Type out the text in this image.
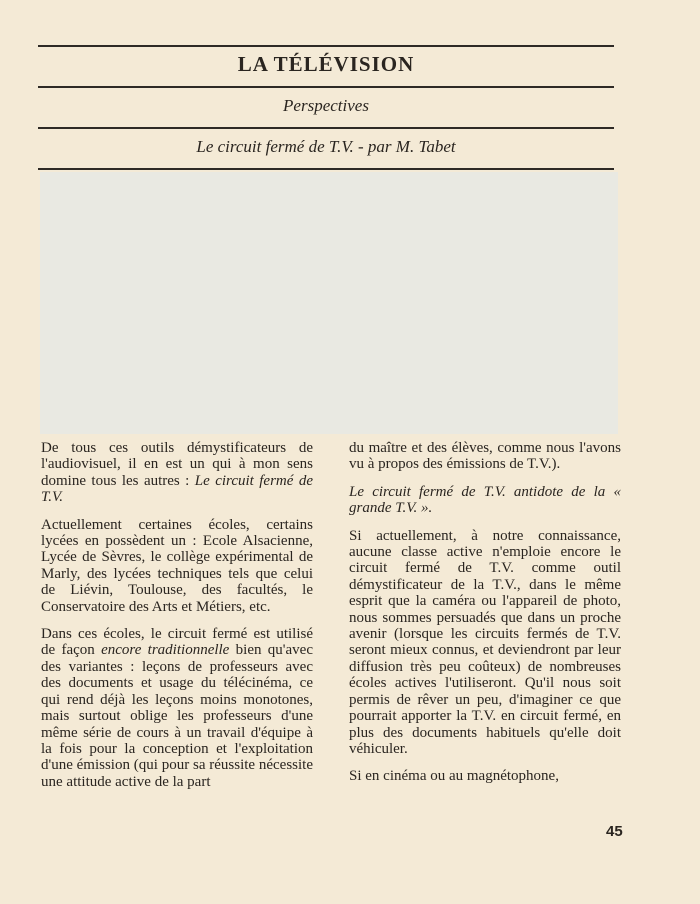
LA TÉLÉVISION
Perspectives
Le circuit fermé de T.V. - par M. Tabet

De tous ces outils démystificateurs de l'audiovisuel, il en est un qui à mon sens domine tous les autres : Le circuit fermé de T.V.

Actuellement certaines écoles, certains lycées en possèdent un : Ecole Alsacienne, Lycée de Sèvres, le collège expérimental de Marly, des lycées techniques tels que celui de Liévin, Toulouse, des facultés, le Conservatoire des Arts et Métiers, etc.

Dans ces écoles, le circuit fermé est utilisé de façon encore traditionnelle bien qu'avec des variantes : leçons de professeurs avec des documents et usage du télécinéma, ce qui rend déjà les leçons moins monotones, mais surtout oblige les professeurs d'une même série de cours à un travail d'équipe à la fois pour la conception et l'exploitation d'une émission (qui pour sa réussite nécessite une attitude active de la part

du maître et des élèves, comme nous l'avons vu à propos des émissions de T.V.).

Le circuit fermé de T.V. antidote de la « grande T.V. ».

Si actuellement, à notre connaissance, aucune classe active n'emploie encore le circuit fermé de T.V. comme outil démystificateur de la T.V., dans le même esprit que la caméra ou l'appareil de photo, nous sommes persuadés que dans un proche avenir (lorsque les circuits fermés de T.V. seront mieux connus, et deviendront par leur diffusion très peu coûteux) de nombreuses écoles actives l'utiliseront. Qu'il nous soit permis de rêver un peu, d'imaginer ce que pourrait apporter la T.V. en circuit fermé, en plus des documents habituels qu'elle doit véhiculer.

Si en cinéma ou au magnétophone,

45
